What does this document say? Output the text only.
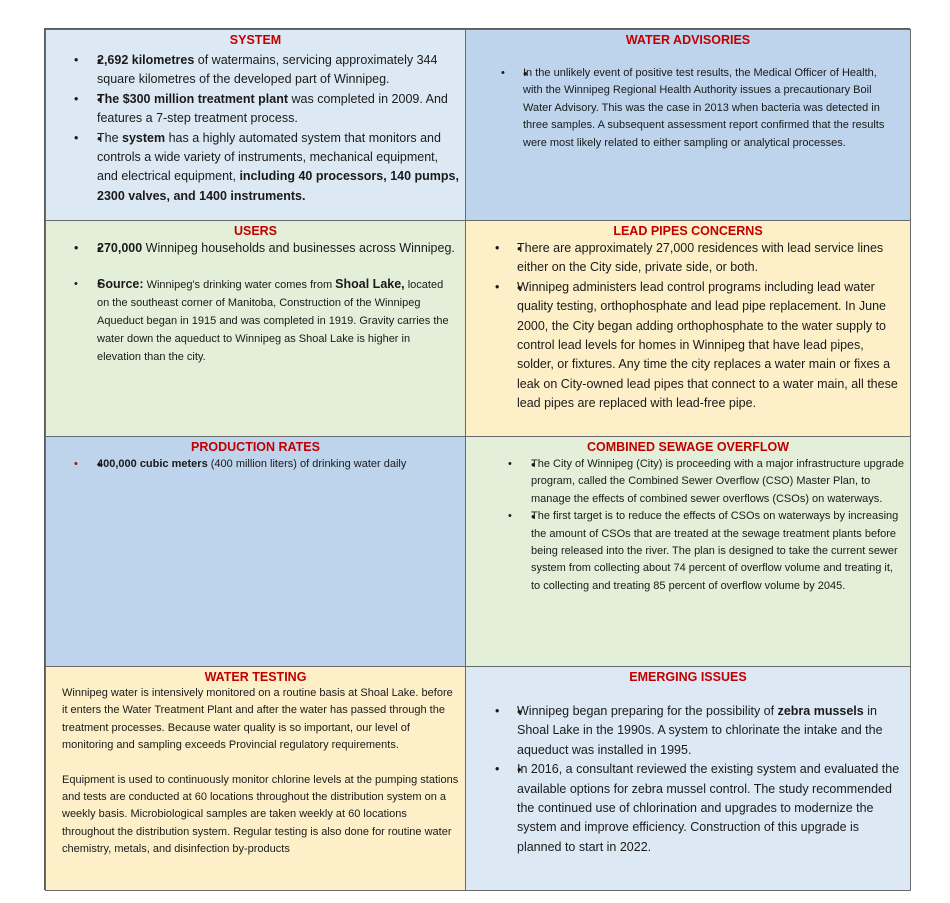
SYSTEM
• • 2,692 kilometres of watermains, servicing approximately 344 square kilometres of the developed part of Winnipeg.
• • The $300 million treatment plant was completed in 2009. And features a 7-step treatment process.
• • The system has a highly automated system that monitors and controls a wide variety of instruments, mechanical equipment, and electrical equipment, including 40 processors, 140 pumps, 2300 valves, and 1400 instruments.
WATER ADVISORIES
• • In the unlikely event of positive test results, the Medical Officer of Health, with the Winnipeg Regional Health Authority issues a precautionary Boil Water Advisory. This was the case in 2013 when bacteria was detected in three samples. A subsequent assessment report confirmed that the results were most likely related to either sampling or analytical processes.
USERS
• • 270,000 Winnipeg households and businesses across Winnipeg.
• • Source: Winnipeg's drinking water comes from Shoal Lake, located on the southeast corner of Manitoba, Construction of the Winnipeg Aqueduct began in 1915 and was completed in 1919. Gravity carries the water down the aqueduct to Winnipeg as Shoal Lake is higher in elevation than the city.
LEAD PIPES CONCERNS
• • There are approximately 27,000 residences with lead service lines either on the City side, private side, or both.
• • Winnipeg administers lead control programs including lead water quality testing, orthophosphate and lead pipe replacement. In June 2000, the City began adding orthophosphate to the water supply to control lead levels for homes in Winnipeg that have lead pipes, solder, or fixtures. Any time the city replaces a water main or fixes a leak on City-owned lead pipes that connect to a water main, all these lead pipes are replaced with lead-free pipe.
PRODUCTION RATES
• • 400,000 cubic meters (400 million liters) of drinking water daily
COMBINED SEWAGE OVERFLOW
• • The City of Winnipeg (City) is proceeding with a major infrastructure upgrade program, called the Combined Sewer Overflow (CSO) Master Plan, to manage the effects of combined sewer overflows (CSOs) on waterways.
• • The first target is to reduce the effects of CSOs on waterways by increasing the amount of CSOs that are treated at the sewage treatment plants before being released into the river. The plan is designed to take the current sewer system from collecting about 74 percent of overflow volume and treating it, to collecting and treating 85 percent of overflow volume by 2045.
WATER TESTING

Winnipeg water is intensively monitored on a routine basis at Shoal Lake. before it enters the Water Treatment Plant and after the water has passed through the treatment processes. Because water quality is so important, our level of monitoring and sampling exceeds Provincial regulatory requirements.

Equipment is used to continuously monitor chlorine levels at the pumping stations and tests are conducted at 60 locations throughout the distribution system on a weekly basis. Microbiological samples are taken weekly at 60 locations throughout the distribution system. Regular testing is also done for routine water chemistry, metals, and disinfection by-products

EMERGING ISSUES
• • Winnipeg began preparing for the possibility of zebra mussels in Shoal Lake in the 1990s. A system to chlorinate the intake and the aqueduct was installed in 1995.
• • In 2016, a consultant reviewed the existing system and evaluated the available options for zebra mussel control. The study recommended the continued use of chlorination and upgrades to modernize the system and improve efficiency. Construction of this upgrade is planned to start in 2022.
